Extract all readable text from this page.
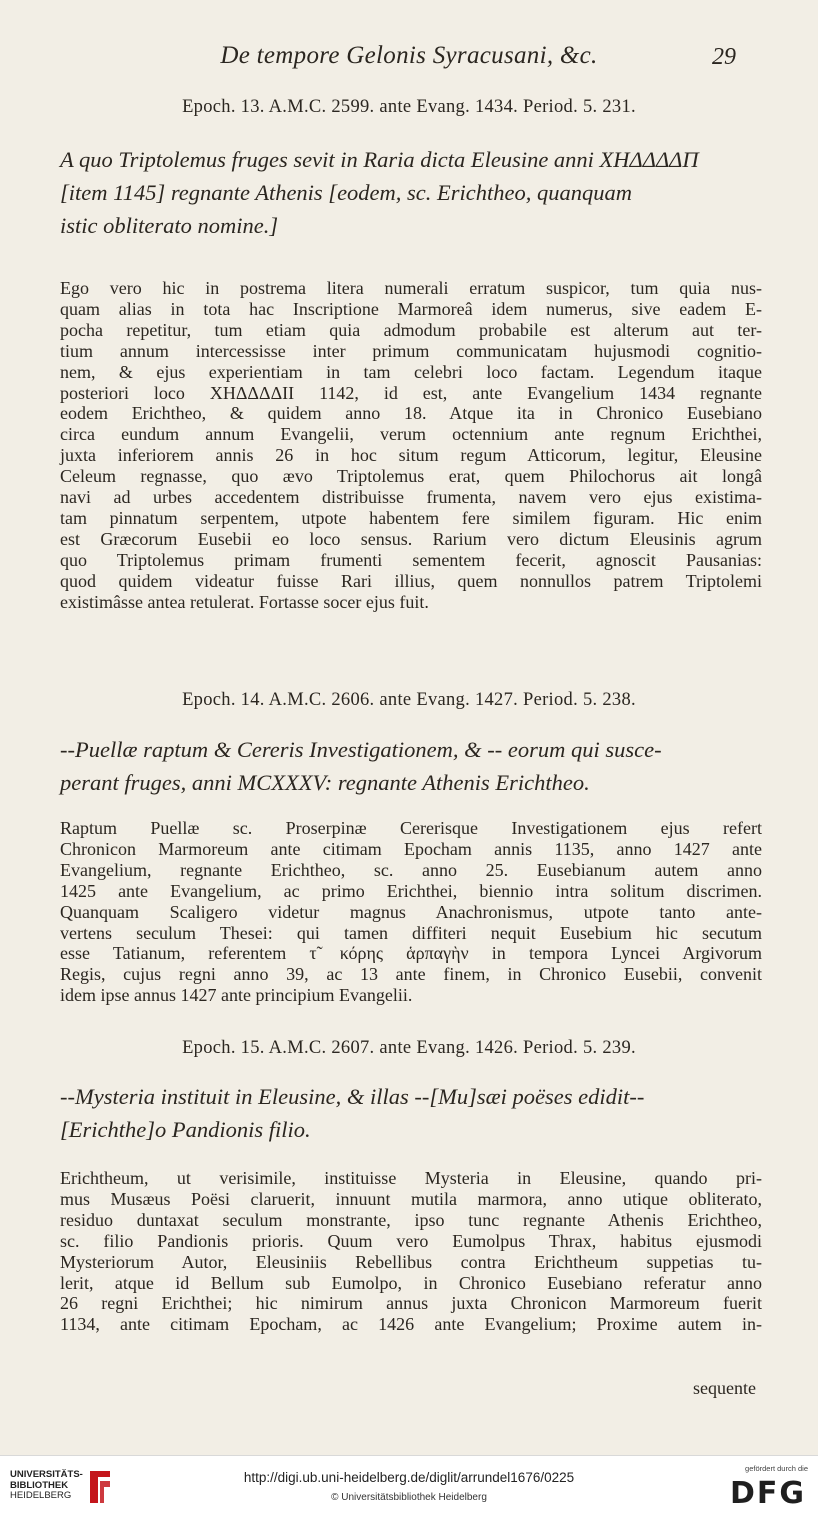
De tempore Gelonis Syracusani, &c.	29
Epoch. 13. A.M.C. 2599. ante Evang. 1434. Period. 5. 231.
A quo Triptolemus fruges sevit in Raria dicta Eleusine anni ΧΗΔΔΔΔΠ
[item 1145] regnante Athenis [eodem, sc. Erichtheo, quanquam
istic obliterato nomine.]
Ego vero hic in postrema litera numerali erratum suspicor, tum quia nus-
quam alias in tota hac Inscriptione Marmoreâ idem numerus, sive eadem E-
pocha repetitur, tum etiam quia admodum probabile est alterum aut ter-
tium annum intercessisse inter primum communicatam hujusmodi cognitio-
nem, & ejus experientiam in tam celebri loco factam. Legendum itaque
posteriori loco ΧΗΔΔΔΔΙΙ 1142, id est, ante Evangelium 1434 regnante
eodem Erichtheo, & quidem anno 18. Atque ita in Chronico Eusebiano
circa eundum annum Evangelii, verum octennium ante regnum Erichthei,
juxta inferiorem annis 26 in hoc situm regum Atticorum, legitur, Eleusine
Celeum regnasse, quo ævo Triptolemus erat, quem Philochorus ait longâ
navi ad urbes accedentem distribuisse frumenta, navem vero ejus existima-
tam pinnatum serpentem, utpote habentem fere similem figuram. Hic enim
est Græcorum Eusebii eo loco sensus. Rarium vero dictum Eleusinis agrum
quo Triptolemus primam frumenti sementem fecerit, agnoscit Pausanias:
quod quidem videatur fuisse Rari illius, quem nonnullos patrem Triptolemi
existimâsse antea retulerat. Fortasse socer ejus fuit.
Epoch. 14. A.M.C. 2606. ante Evang. 1427. Period. 5. 238.
--Puellæ raptum & Cereris Investigationem, & -- eorum qui susce-
perant fruges, anni MCXXXV: regnante Athenis Erichtheo.
Raptum Puellæ sc. Proserpinæ Cererisque Investigationem ejus refert
Chronicon Marmoreum ante citimam Epocham annis 1135, anno 1427 ante
Evangelium, regnante Erichtheo, sc. anno 25. Eusebianum autem anno
1425 ante Evangelium, ac primo Erichthei, biennio intra solitum discrimen.
Quanquam Scaligero videtur magnus Anachronismus, utpote tanto ante-
vertens seculum Thesei: qui tamen diffiteri nequit Eusebium hic secutum
esse Tatianum, referentem τ̃ κόρης ἁρπαγὴν in tempora Lyncei Argivorum
Regis, cujus regni anno 39, ac 13 ante finem, in Chronico Eusebii, convenit
idem ipse annus 1427 ante principium Evangelii.
Epoch. 15. A.M.C. 2607. ante Evang. 1426. Period. 5. 239.
--Mysteria instituit in Eleusine, & illas --[Mu]sæi poëses edidit--
[Erichthe]o Pandionis filio.
Erichtheum, ut verisimile, instituisse Mysteria in Eleusine, quando pri-
mus Musæus Poësi claruerit, innuunt mutila marmora, anno utique obliterato,
residuo duntaxat seculum monstrante, ipso tunc regnante Athenis Erichtheo,
sc. filio Pandionis prioris. Quum vero Eumolpus Thrax, habitus ejusmodi
Mysteriorum Autor, Eleusiniis Rebellibus contra Erichtheum suppetias tu-
lerit, atque id Bellum sub Eumolpo, in Chronico Eusebiano referatur anno
26 regni Erichthei; hic nimirum annus juxta Chronicon Marmoreum fuerit
1134, ante citimam Epocham, ac 1426 ante Evangelium; Proxime autem in-
sequente
UNIVERSITÄTS-
BIBLIOTHEK
HEIDELBERG
http://digi.ub.uni-heidelberg.de/diglit/arrundel1676/0225
© Universitätsbibliothek Heidelberg
gefördert durch die
DFG
